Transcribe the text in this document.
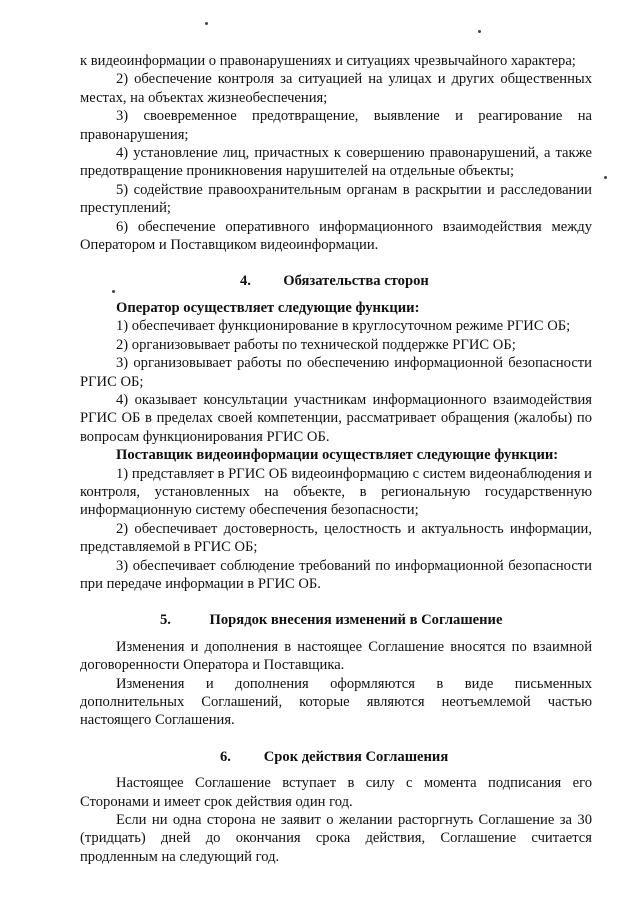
к видеоинформации о правонарушениях и ситуациях чрезвычайного характера;

2) обеспечение контроля за ситуацией на улицах и других общественных местах, на объектах жизнеобеспечения;

3) своевременное предотвращение, выявление и реагирование на правонарушения;

4) установление лиц, причастных к совершению правонарушений, а также предотвращение проникновения нарушителей на отдельные объекты;

5) содействие правоохранительным органам в раскрытии и расследовании преступлений;

6) обеспечение оперативного информационного взаимодействия между Оператором и Поставщиком видеоинформации.

4. Обязательства сторон

Оператор осуществляет следующие функции:

1) обеспечивает функционирование в круглосуточном режиме РГИС ОБ;

2) организовывает работы по технической поддержке РГИС ОБ;

3) организовывает работы по обеспечению информационной безопасности РГИС ОБ;

4) оказывает консультации участникам информационного взаимодействия РГИС ОБ в пределах своей компетенции, рассматривает обращения (жалобы) по вопросам функционирования РГИС ОБ.

Поставщик видеоинформации осуществляет следующие функции:

1) представляет в РГИС ОБ видеоинформацию с систем видеонаблюдения и контроля, установленных на объекте, в региональную государственную информационную систему обеспечения безопасности;

2) обеспечивает достоверность, целостность и актуальность информации, представляемой в РГИС ОБ;

3) обеспечивает соблюдение требований по информационной безопасности при передаче информации в РГИС ОБ.

5.	Порядок внесения изменений в Соглашение

Изменения и дополнения в настоящее Соглашение вносятся по взаимной договоренности Оператора и Поставщика.

Изменения и дополнения оформляются в виде письменных дополнительных Соглашений, которые являются неотъемлемой частью настоящего Соглашения.

6. Срок действия Соглашения

Настоящее Соглашение вступает в силу с момента подписания его Сторонами и имеет срок действия один год.

Если ни одна сторона не заявит о желании расторгнуть Соглашение за 30 (тридцать) дней до окончания срока действия, Соглашение считается продленным на следующий год.
